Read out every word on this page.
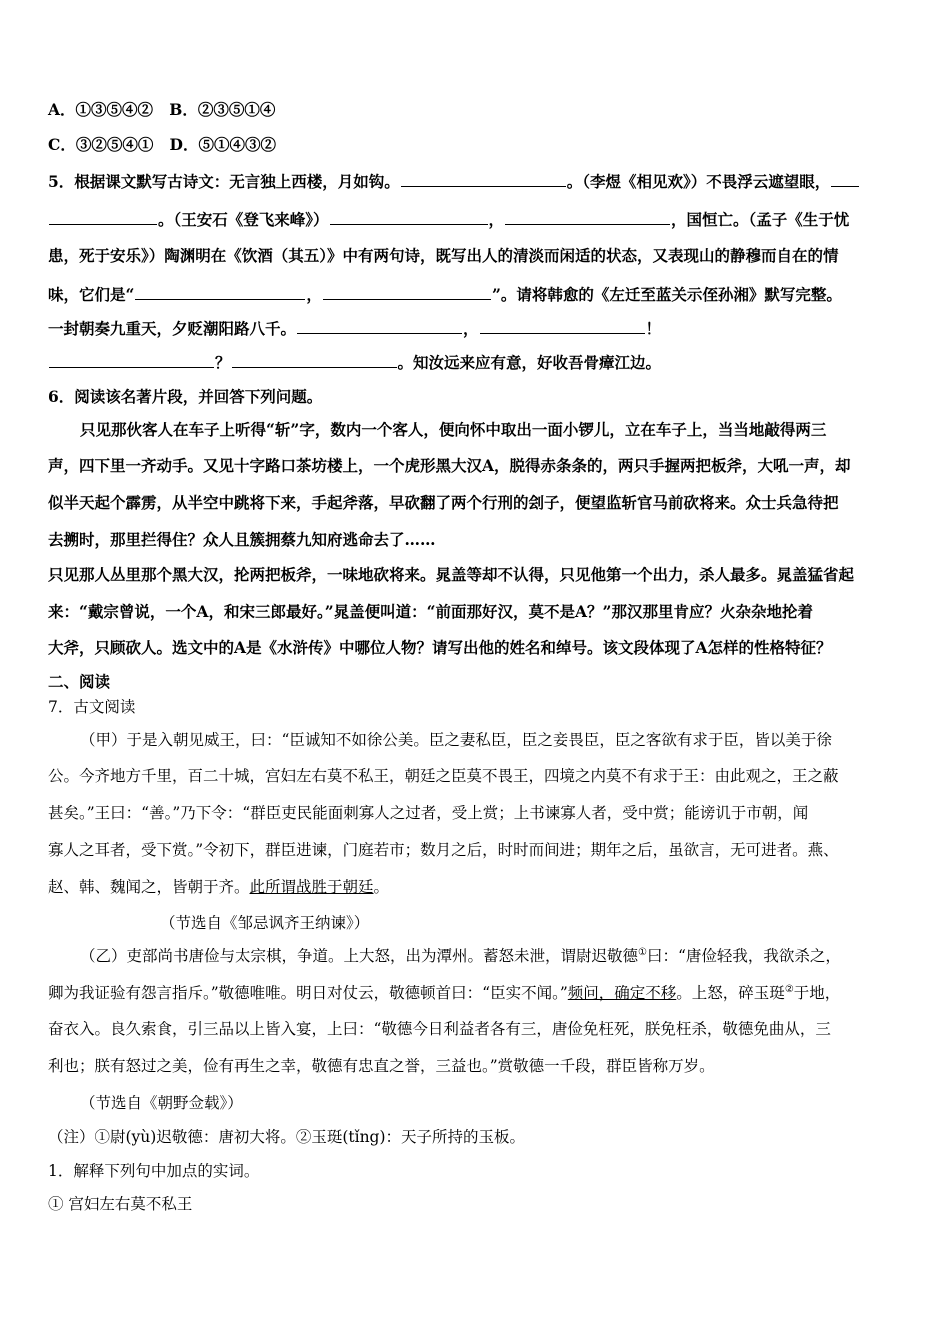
A．①③⑤④② B．②③⑤①④
C．③②⑤④① D．⑤①④③②
5．根据课文默写古诗文：无言独上西楼，月如钩。	。（李煜《相见欢》）不畏浮云遮望眼，
。（王安石《登飞来峰》）	，	，国恒亡。（孟子《生于忧
患，死于安乐》）陶渊明在《饮酒（其五）》中有两句诗，既写出人的清淡而闲适的状态，又表现山的静穆而自在的情
味，它们是“	，	”。请将韩愈的《左迁至蓝关示侄孙湘》默写完整。
一封朝奏九重天，夕贬潮阳路八千。	，	！
？	。知汝远来应有意，好收吾骨瘴江边。
6．阅读该名著片段，并回答下列问题。
只见那伙客人在车子上听得“斩”字，数内一个客人，便向怀中取出一面小锣儿，立在车子上，当当地敲得两三
声，四下里一齐动手。又见十字路口茶坊楼上，一个虎形黑大汉A，脱得赤条条的，两只手握两把板斧，大吼一声，却
似半天起个霹雳，从半空中跳将下来，手起斧落，早砍翻了两个行刑的刽子，便望监斩官马前砍将来。众士兵急待把
去搠时，那里拦得住？众人且簇拥蔡九知府逃命去了……
只见那人丛里那个黑大汉，抡两把板斧，一味地砍将来。晁盖等却不认得，只见他第一个出力，杀人最多。晁盖猛省起
来：“戴宗曾说，一个A，和宋三郎最好。”晁盖便叫道：“前面那好汉，莫不是A？”那汉那里肯应？火杂杂地抡着
大斧，只顾砍人。选文中的A是《水浒传》中哪位人物？请写出他的姓名和绰号。该文段体现了A怎样的性格特征？
二、阅读
7．古文阅读
（甲）于是入朝见威王，曰：“臣诚知不如徐公美。臣之妻私臣，臣之妾畏臣，臣之客欲有求于臣，皆以美于徐
公。今齐地方千里，百二十城，宫妇左右莫不私王，朝廷之臣莫不畏王，四境之内莫不有求于王：由此观之，王之蔽
甚矣。”王曰：“善。”乃下令：“群臣吏民能面刺寡人之过者，受上赏；上书谏寡人者，受中赏；能谤讥于市朝，闻
寡人之耳者，受下赏。”令初下，群臣进谏，门庭若市；数月之后，时时而间进；期年之后，虽欲言，无可进者。燕、
赵、韩、魏闻之，皆朝于齐。此所谓战胜于朝廷。
（节选自《邹忌讽齐王纳谏》）
（乙）吏部尚书唐俭与太宗棋，争道。上大怒，出为潭州。蓄怒未泄，谓尉迟敬德①曰：“唐俭轻我，我欲杀之，
卿为我证验有怨言指斥。”敬德唯唯。明日对仗云，敬德顿首曰：“臣实不闻。”频问，确定不移。上怒，碎玉珽②于地，
奋衣入。良久索食，引三品以上皆入宴，上曰：“敬德今日利益者各有三，唐俭免枉死，朕免枉杀，敬德免曲从，三
利也；朕有怒过之美，俭有再生之幸，敬德有忠直之誉，三益也。”赏敬德一千段，群臣皆称万岁。
（节选自《朝野佥载》）
（注）①尉(yù)迟敬德：唐初大将。②玉珽(tǐng)：天子所持的玉板。
1．解释下列句中加点的实词。
① 宫妇左右莫不私王
